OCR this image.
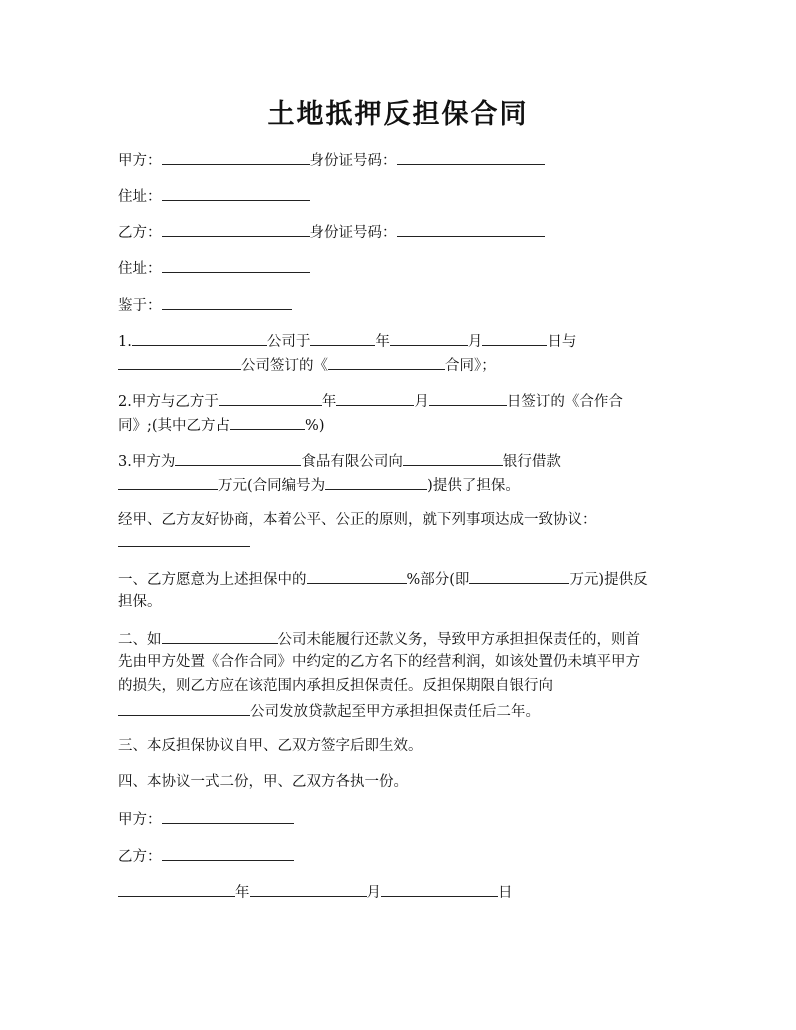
土地抵押反担保合同
甲方：	身份证号码：
住址：
乙方：	身份证号码：
住址：
鉴于：
1.	公司于	年	月	日与
公司签订的《	合同》；
2.甲方与乙方于	年	月	日签订的《合作合
同》;(其中乙方占	%)
3.甲方为	食品有限公司向	银行借款
万元(合同编号为	)提供了担保。
经甲、乙方友好协商，本着公平、公正的原则，就下列事项达成一致协议：
一、乙方愿意为上述担保中的	%部分(即	万元)提供反
担保。
二、如	公司未能履行还款义务，导致甲方承担担保责任的，则首
先由甲方处置《合作合同》中约定的乙方名下的经营利润，如该处置仍未填平甲方
的损失，则乙方应在该范围内承担反担保责任。反担保期限自银行向
公司发放贷款起至甲方承担担保责任后二年。
三、本反担保协议自甲、乙双方签字后即生效。
四、本协议一式二份，甲、乙双方各执一份。
甲方：
乙方：
年	月	日
